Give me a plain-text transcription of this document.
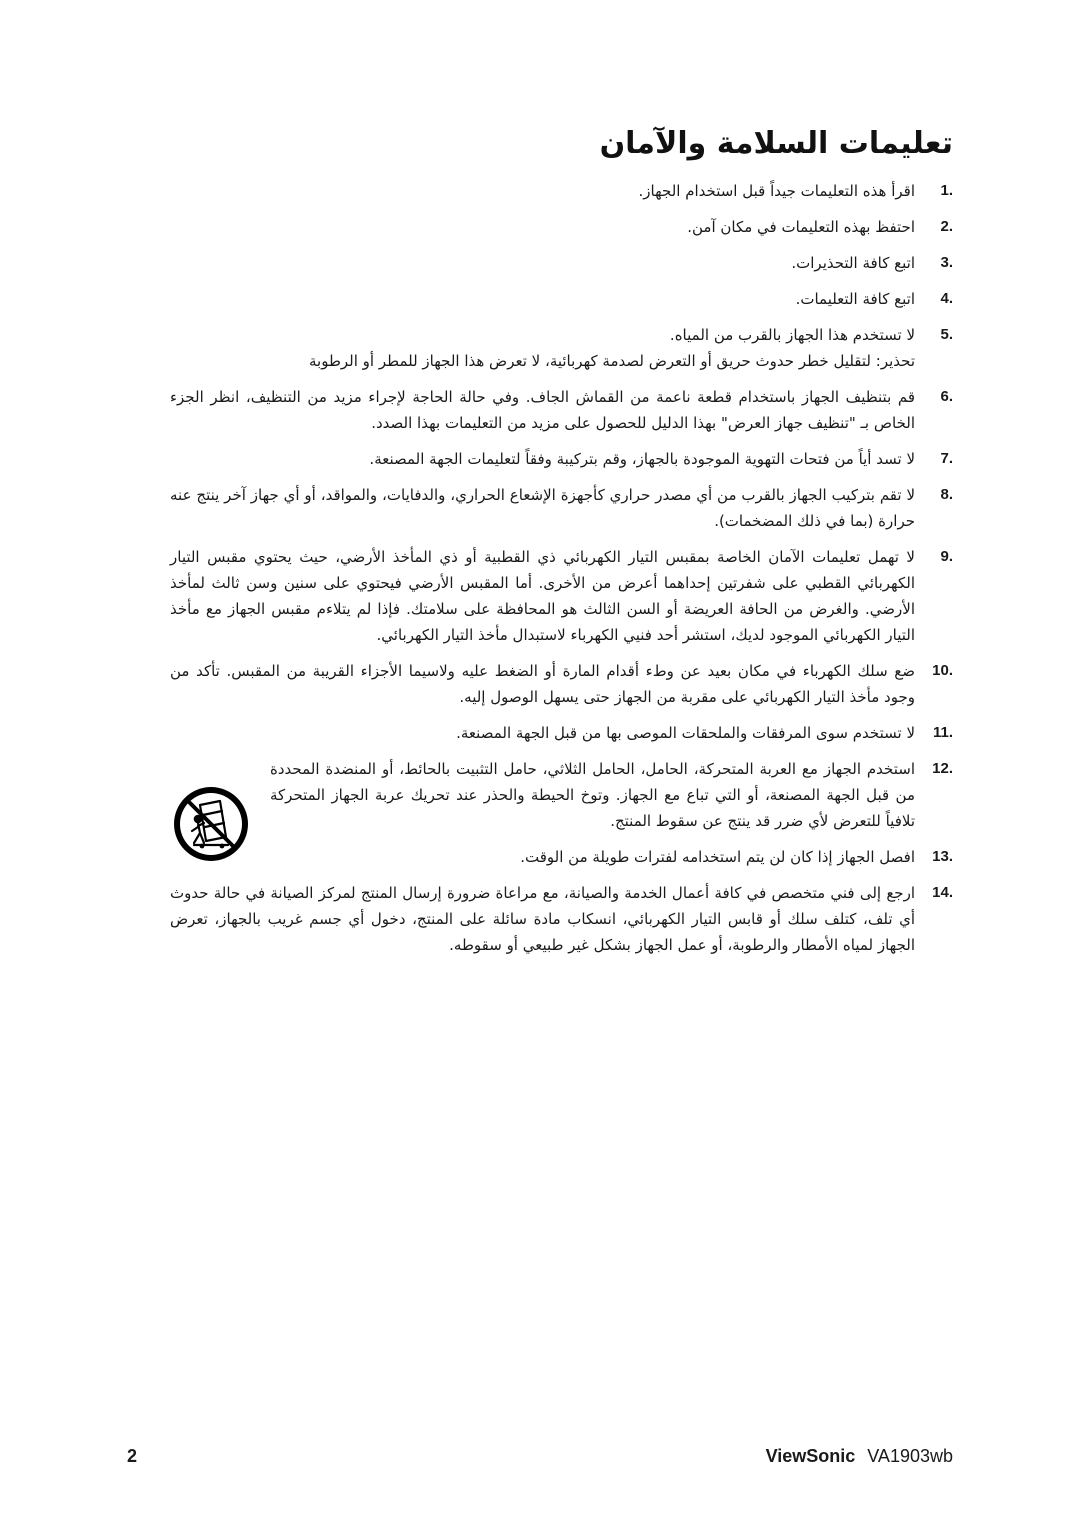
تعليمات السلامة والآمان
1.
اقرأ هذه التعليمات جيداً قبل استخدام الجهاز.
2.
احتفظ بهذه التعليمات في مكان آمن.
3.
اتبع كافة التحذيرات.
4.
اتبع كافة التعليمات.
5.
لا تستخدم هذا الجهاز بالقرب من المياه.
تحذير: لتقليل خطر حدوث حريق أو التعرض لصدمة كهربائية، لا تعرض هذا الجهاز للمطر أو الرطوبة
6.
قم بتنظيف الجهاز باستخدام قطعة ناعمة من القماش الجاف. وفي حالة الحاجة لإجراء مزيد من التنظيف، انظر الجزء الخاص بـ "تنظيف جهاز العرض" بهذا الدليل للحصول على مزيد من التعليمات بهذا الصدد.
7.
لا تسد أياً من فتحات التهوية الموجودة بالجهاز، وقم بتركيبة وفقاً لتعليمات الجهة المصنعة.
8.
لا تقم بتركيب الجهاز بالقرب من أي مصدر حراري كأجهزة الإشعاع الحراري، والدفايات، والمواقد، أو أي جهاز آخر ينتج عنه حرارة (بما في ذلك المضخمات).
9.
لا تهمل تعليمات الآمان الخاصة بمقبس التيار الكهربائي ذي القطبية أو ذي المأخذ الأرضي، حيث يحتوي مقبس التيار الكهربائي القطبي على شفرتين إحداهما أعرض من الأخرى. أما المقبس الأرضي فيحتوي على سنين وسن ثالث لمأخذ الأرضي. والغرض من الحافة العريضة أو السن الثالث هو المحافظة على سلامتك. فإذا لم يتلاءم مقبس الجهاز مع مأخذ التيار الكهربائي الموجود لديك، استشر أحد فنيي الكهرباء لاستبدال مأخذ التيار الكهربائي.
10.
ضع سلك الكهرباء في مكان بعيد عن وطء أقدام المارة أو الضغط عليه ولاسيما الأجزاء القريبة من المقبس. تأكد من وجود مأخذ التيار الكهربائي على مقربة من الجهاز حتى يسهل الوصول إليه.
11.
لا تستخدم سوى المرفقات والملحقات الموصى بها من قبل الجهة المصنعة.
12.
استخدم الجهاز مع العربة المتحركة، الحامل، الحامل الثلاثي، حامل التثبيت بالحائط، أو المنضدة المحددة من قبل الجهة المصنعة، أو التي تباع مع الجهاز. وتوخ الحيطة والحذر عند تحريك عربة الجهاز المتحركة تلافياً للتعرض لأي ضرر قد ينتج عن سقوط المنتج.
13.
افصل الجهاز إذا كان لن يتم استخدامه لفترات طويلة من الوقت.
14.
ارجع إلى فني متخصص في كافة أعمال الخدمة والصيانة، مع مراعاة ضرورة إرسال المنتج لمركز الصيانة في حالة حدوث أي تلف، كتلف سلك أو قابس التيار الكهربائي، انسكاب مادة سائلة على المنتج، دخول أي جسم غريب بالجهاز، تعرض الجهاز لمياه الأمطار والرطوبة، أو عمل الجهاز بشكل غير طبيعي أو سقوطه.
2	ViewSonic VA1903wb
